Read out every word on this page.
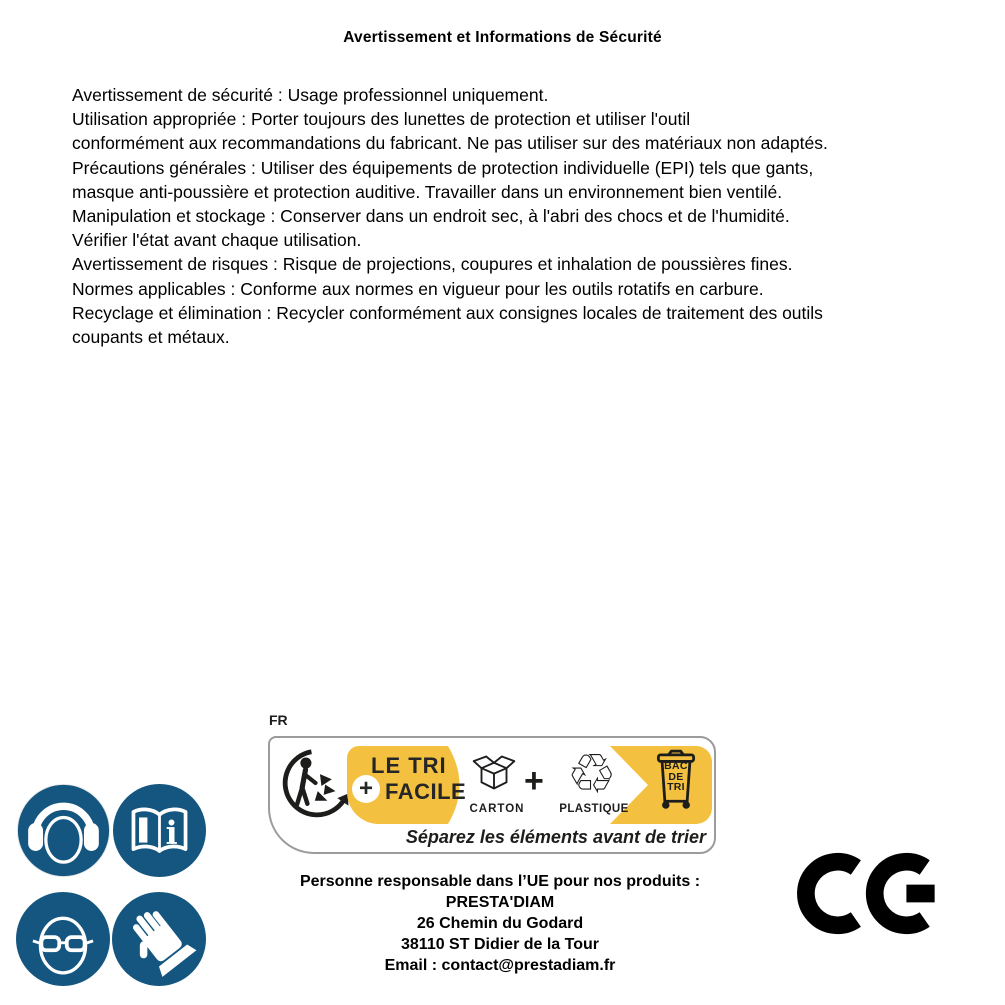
Avertissement et Informations de Sécurité
Avertissement de sécurité : Usage professionnel uniquement.
Utilisation appropriée : Porter toujours des lunettes de protection et utiliser l'outil
conformément aux recommandations du fabricant. Ne pas utiliser sur des matériaux non adaptés.
Précautions générales : Utiliser des équipements de protection individuelle (EPI) tels que gants,
masque anti-poussière et protection auditive. Travailler dans un environnement bien ventilé.
Manipulation et stockage : Conserver dans un endroit sec, à l'abri des chocs et de l'humidité.
Vérifier l'état avant chaque utilisation.
Avertissement de risques : Risque de projections, coupures et inhalation de poussières fines.
Normes applicables : Conforme aux normes en vigueur pour les outils rotatifs en carbure.
Recyclage et élimination : Recycler conformément aux consignes locales de traitement des outils
coupants et métaux.
i
FR
LE TRI
+ FACILE
CARTON
+ ♲
PLASTIQUE
BAC
DE
TRI
Séparez les éléments avant de trier
Personne responsable dans l’UE pour nos produits :
PRESTA'DIAM
26 Chemin du Godard
38110 ST Didier de la Tour
Email : contact@prestadiam.fr
